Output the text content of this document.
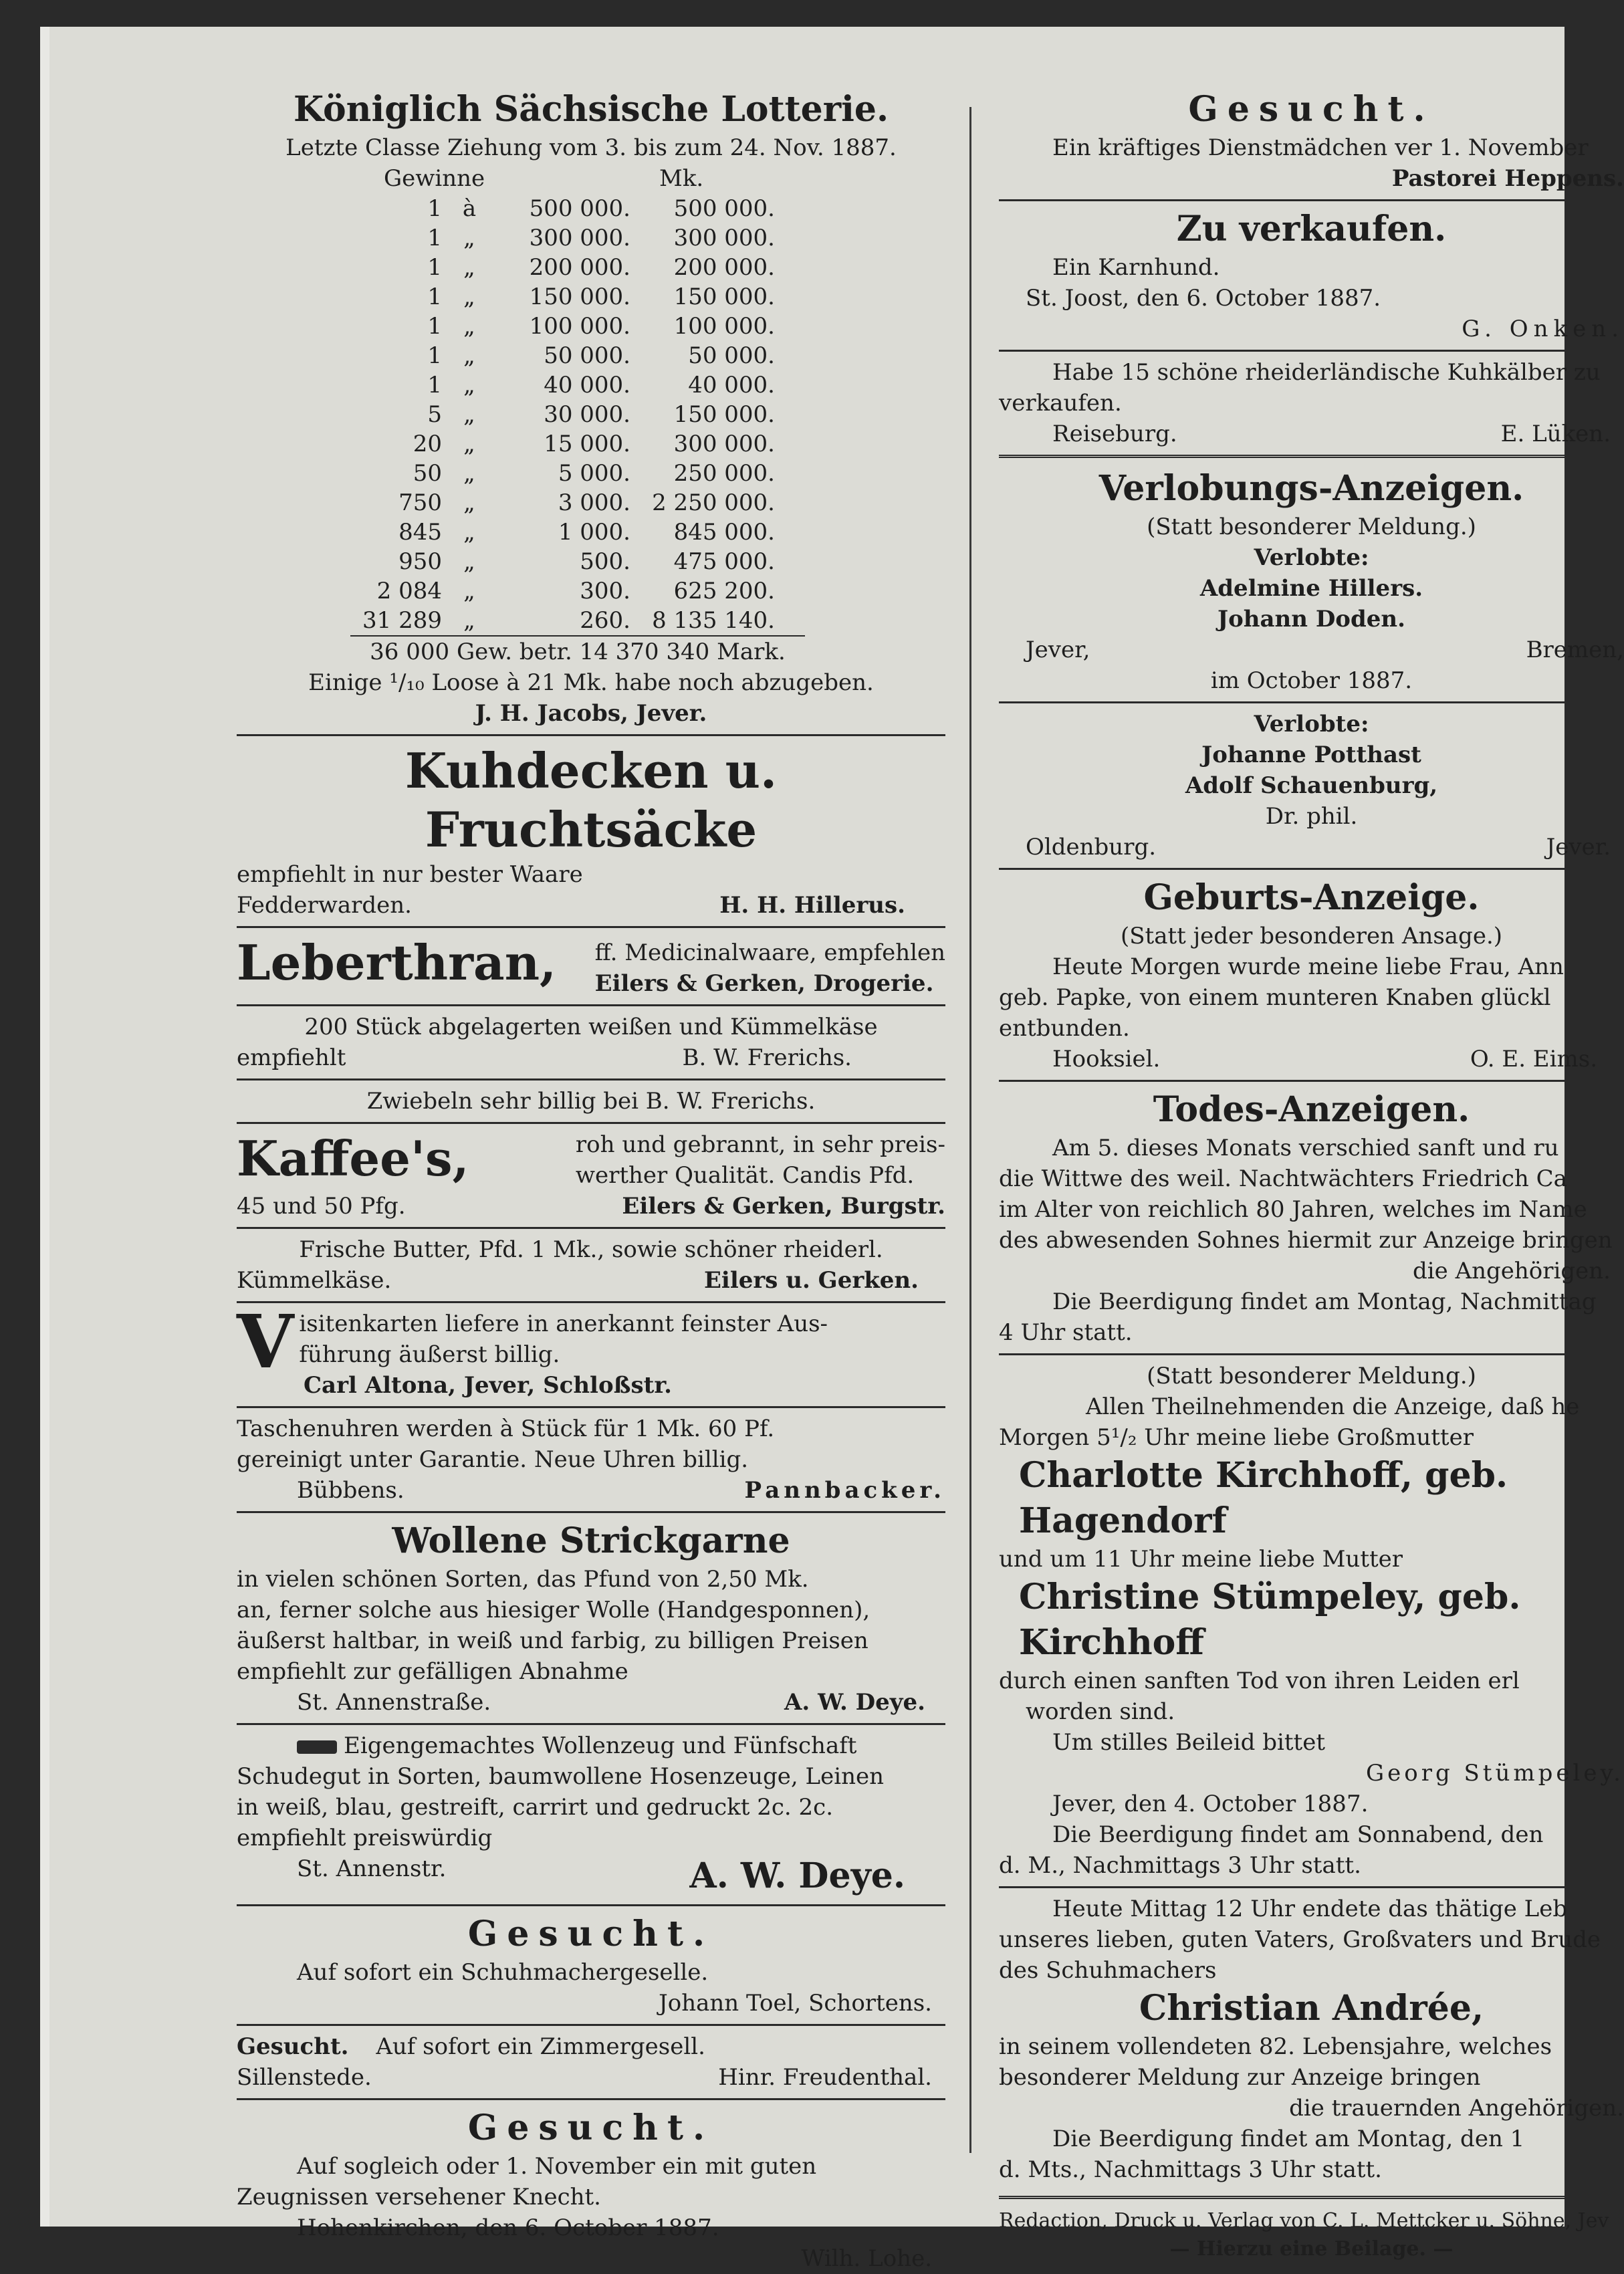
Königlich Sächsische Lotterie.
Letzte Classe Ziehung vom 3. bis zum 24. Nov. 1887.
Gewinne	Mk.
1	à	500 000.	500 000.
1	„	300 000.	300 000.
1	„	200 000.	200 000.
1	„	150 000.	150 000.
1	„	100 000.	100 000.
1	„	50 000.	50 000.
1	„	40 000.	40 000.
5	„	30 000.	150 000.
20	„	15 000.	300 000.
50	„	5 000.	250 000.
750	„	3 000.	2 250 000.
845	„	1 000.	845 000.
950	„	500.	475 000.
2 084	„	300.	625 200.
31 289	„	260.	8 135 140.
36 000 Gew. betr. 14 370 340 Mark.
Einige ¹/₁₀ Loose à 21 Mk. habe noch abzugeben.
J. H. Jacobs, Jever.
Kuhdecken u. Fruchtsäcke
empfiehlt in nur bester Waare
Fedderwarden.	H. H. Hillerus.
Leberthran, ff. Medicinalwaare, empfehlen
Eilers & Gerken, Drogerie.
200 Stück abgelagerten weißen und Kümmelkäse
empfiehlt	B. W. Frerichs.
Zwiebeln sehr billig bei B. W. Frerichs.
Kaffee's,	roh und gebrannt, in sehr preis-
werther Qualität. Candis Pfd.
45 und 50 Pfg.	Eilers & Gerken, Burgstr.
Frische Butter, Pfd. 1 Mk., sowie schöner rheiderl.
Kümmelkäse.	Eilers u. Gerken.
V isitenkarten liefere in anerkannt feinster Aus-
führung äußerst billig.
Carl Altona, Jever, Schloßstr.
Taschenuhren werden à Stück für 1 Mk. 60 Pf.
gereinigt unter Garantie. Neue Uhren billig.
Bübbens.	Pannbacker.
Wollene Strickgarne
in vielen schönen Sorten, das Pfund von 2,50 Mk.
an, ferner solche aus hiesiger Wolle (Handgesponnen),
äußerst haltbar, in weiß und farbig, zu billigen Preisen
empfiehlt zur gefälligen Abnahme
St. Annenstraße.	A. W. Deye.
Eigengemachtes Wollenzeug und Fünfschaft
Schudegut in Sorten, baumwollene Hosenzeuge, Leinen
in weiß, blau, gestreift, carrirt und gedruckt 2c. 2c.
empfiehlt preiswürdig
St. Annenstr.	A. W. Deye.
Gesucht.
Auf sofort ein Schuhmachergeselle.
Johann Toel, Schortens.
Gesucht. Auf sofort ein Zimmergesell.
Sillenstede.	Hinr. Freudenthal.
Gesucht.
Auf sogleich oder 1. November ein mit guten
Zeugnissen versehener Knecht.
Hohenkirchen, den 6. October 1887.
Wilh. Lohe.
Gesucht.
Ein kräftiges Dienstmädchen ver 1. November
Pastorei Heppens.
Zu verkaufen.
Ein Karnhund.
St. Joost, den 6. October 1887.
G. Onken.
Habe 15 schöne rheiderländische Kuhkälber zu
verkaufen.
Reiseburg.	E. Lüken.
Verlobungs-Anzeigen.
(Statt besonderer Meldung.)
Verlobte:
Adelmine Hillers.
Johann Doden.
Jever,	Bremen,
im October 1887.
Verlobte:
Johanne Potthast
Adolf Schauenburg,
Dr. phil.
Oldenburg.	Jever.
Geburts-Anzeige.
(Statt jeder besonderen Ansage.)
Heute Morgen wurde meine liebe Frau, Ann
geb. Papke, von einem munteren Knaben glückl
entbunden.
Hooksiel.	O. E. Eims.
Todes-Anzeigen.
Am 5. dieses Monats verschied sanft und ru
die Wittwe des weil. Nachtwächters Friedrich Ca
im Alter von reichlich 80 Jahren, welches im Name
des abwesenden Sohnes hiermit zur Anzeige bringen
die Angehörigen.
Die Beerdigung findet am Montag, Nachmittag
4 Uhr statt.
(Statt besonderer Meldung.)
Allen Theilnehmenden die Anzeige, daß he
Morgen 5¹/₂ Uhr meine liebe Großmutter
Charlotte Kirchhoff, geb. Hagendorf
und um 11 Uhr meine liebe Mutter
Christine Stümpeley, geb. Kirchhoff
durch einen sanften Tod von ihren Leiden erl
worden sind.
Um stilles Beileid bittet
Georg Stümpeley.
Jever, den 4. October 1887.
Die Beerdigung findet am Sonnabend, den
d. M., Nachmittags 3 Uhr statt.
Heute Mittag 12 Uhr endete das thätige Leb
unseres lieben, guten Vaters, Großvaters und Brude
des Schuhmachers
Christian Andrée,
in seinem vollendeten 82. Lebensjahre, welches
besonderer Meldung zur Anzeige bringen
die trauernden Angehörigen.
Die Beerdigung findet am Montag, den 1
d. Mts., Nachmittags 3 Uhr statt.
Redaction, Druck u. Verlag von C. L. Mettcker u. Söhne, Jev
— Hierzu eine Beilage. —
